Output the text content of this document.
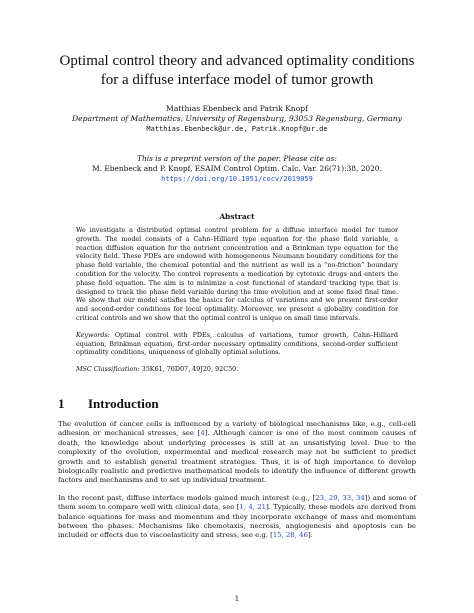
Optimal control theory and advanced optimality conditions
for a diffuse interface model of tumor growth
Matthias Ebenbeck and Patrik Knopf
Department of Mathematics, University of Regensburg, 93053 Regensburg, Germany
Matthias.Ebenbeck@ur.de, Patrik.Knopf@ur.de
This is a preprint version of the paper. Please cite as:
M. Ebenbeck and P. Knopf, ESAIM Control Optim. Calc. Var. 26(71):38, 2020.
https://doi.org/10.1051/cocv/2019059
Abstract
We investigate a distributed optimal control problem for a diffuse interface model for tumor growth. The model consists of a Cahn–Hilliard type equation for the phase field variable, a reaction diffusion equation for the nutrient concentration and a Brinkman type equation for the velocity field. These PDEs are endowed with homogeneous Neumann boundary conditions for the phase field variable, the chemical potential and the nutrient as well as a “no-friction” boundary condition for the velocity. The control represents a medication by cytotoxic drugs and enters the phase field equation. The aim is to minimize a cost functional of standard tracking type that is designed to track the phase field variable during the time evolution and at some fixed final time. We show that our model satisfies the basics for calculus of variations and we present first-order and second-order conditions for local optimality. Moreover, we present a globality condition for critical controls and we show that the optimal control is unique on small time intervals.
Keywords: Optimal control with PDEs, calculus of variations, tumor growth, Cahn–Hilliard equation, Brinkman equation, first-order necessary optimality conditions, second-order sufficient optimality conditions, uniqueness of globally optimal solutions.
MSC Classification: 35K61, 76D07, 49J20, 92C50.
1 Introduction
The evolution of cancer cells is influenced by a variety of biological mechanisms like, e.g., cell-cell adhesion or mechanical stresses, see [4]. Although cancer is one of the most common causes of death, the knowledge about underlying processes is still at an unsatisfying level. Due to the complexity of the evolution, experimental and medical research may not be sufficient to predict growth and to establish general treatment strategies. Thus, it is of high importance to develop biologically realistic and predictive mathematical models to identify the influence of different growth factors and mechanisms and to set up individual treatment.
In the recent past, diffuse interface models gained much interest (e.g., [23, 29, 33, 34]) and some of them seem to compare well with clinical data, see [1, 4, 21]. Typically, these models are derived from balance equations for mass and momentum and they incorporate exchange of mass and momentum between the phases. Mechanisms like chemotaxis, necrosis, angiogenesis and apoptosis can be included or effects due to viscoelasticity and stress, see e.g. [15, 28, 46].
1
